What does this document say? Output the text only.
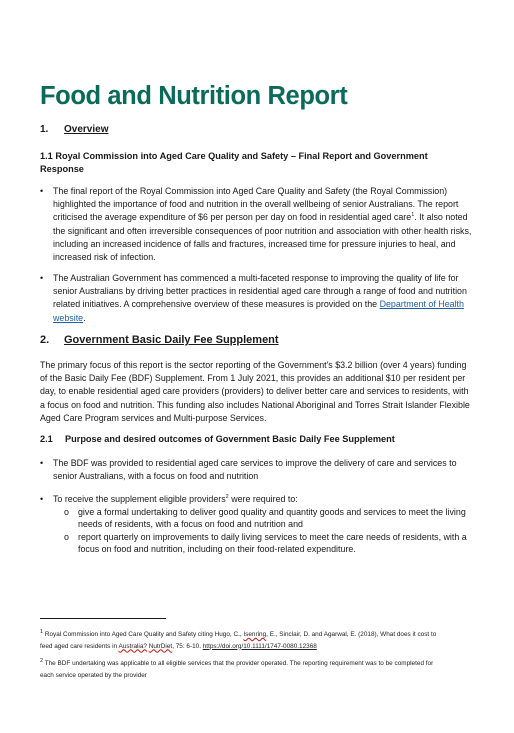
Food and Nutrition Report
1. Overview
1.1 Royal Commission into Aged Care Quality and Safety – Final Report and Government Response
• The final report of the Royal Commission into Aged Care Quality and Safety (the Royal Commission) highlighted the importance of food and nutrition in the overall wellbeing of senior Australians. The report criticised the average expenditure of $6 per person per day on food in residential aged care$^1$. It also noted the significant and often irreversible consequences of poor nutrition and association with other health risks, including an increased incidence of falls and fractures, increased time for pressure injuries to heal, and increased risk of infection.
• The Australian Government has commenced a multi-faceted response to improving the quality of life for senior Australians by driving better practices in residential aged care through a range of food and nutrition related initiatives. A comprehensive overview of these measures is provided on the Department of Health website.
2. Government Basic Daily Fee Supplement

The primary focus of this report is the sector reporting of the Government's $3.2 billion (over 4 years) funding of the Basic Daily Fee (BDF) Supplement. From 1 July 2021, this provides an additional $10 per resident per day, to enable residential aged care providers (providers) to deliver better care and services to residents, with a focus on food and nutrition. This funding also includes National Aboriginal and Torres Strait Islander Flexible Aged Care Program services and Multi-purpose Services.

2.1 Purpose and desired outcomes of Government Basic Daily Fee Supplement
• The BDF was provided to residential aged care services to improve the delivery of care and services to senior Australians, with a focus on food and nutrition
• To receive the supplement eligible providers$^2$ were required to:
o give a formal undertaking to deliver good quality and quantity goods and services to meet the living needs of residents, with a focus on food and nutrition and
o report quarterly on improvements to daily living services to meet the care needs of residents, with a focus on food and nutrition, including on their food-related expenditure.
$^1$ Royal Commission into Aged Care Quality and Safety citing Hugo, C., Isenring, E., Sinclair, D. and Agarwal, E. (2018), What does it cost to
feed aged care residents in Australia? NutrDiet, 75: 6-10. https://doi.org/10.1111/1747-0080.12368
$^2$ The BDF undertaking was applicable to all eligible services that the provider operated. The reporting requirement was to be completed for
each service operated by the provider
